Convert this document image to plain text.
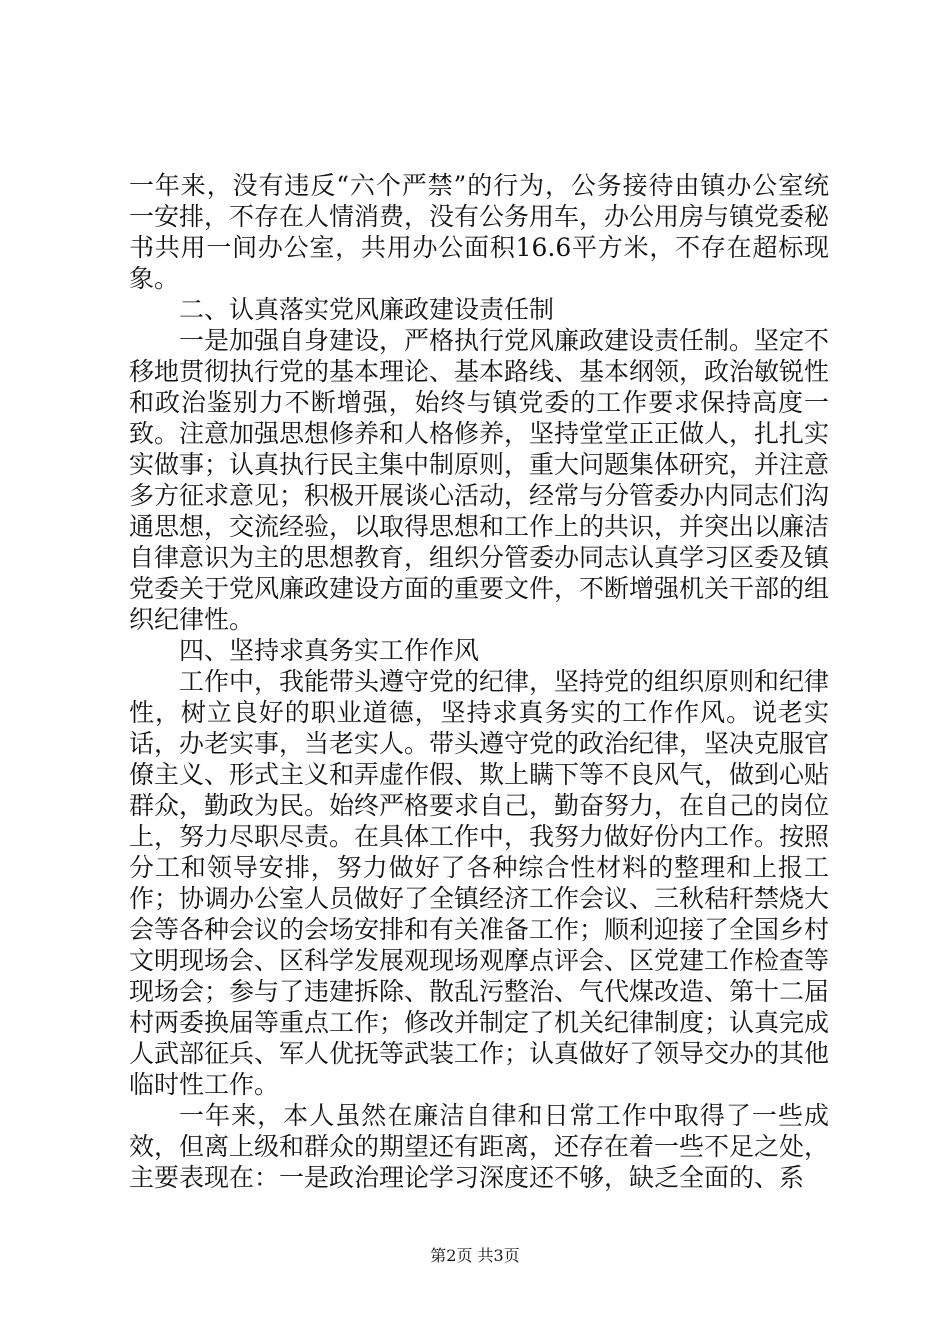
一年来，没有违反“六个严禁”的行为，公务接待由镇办公室统一安排，不存在人情消费，没有公务用车，办公用房与镇党委秘书共用一间办公室，共用办公面积16.6平方米，不存在超标现象。

二、认真落实党风廉政建设责任制

一是加强自身建设，严格执行党风廉政建设责任制。坚定不移地贯彻执行党的基本理论、基本路线、基本纲领，政治敏锐性和政治鉴别力不断增强，始终与镇党委的工作要求保持高度一致。注意加强思想修养和人格修养，坚持堂堂正正做人，扎扎实实做事；认真执行民主集中制原则，重大问题集体研究，并注意多方征求意见；积极开展谈心活动，经常与分管委办内同志们沟通思想，交流经验，以取得思想和工作上的共识，并突出以廉洁自律意识为主的思想教育，组织分管委办同志认真学习区委及镇党委关于党风廉政建设方面的重要文件，不断增强机关干部的组织纪律性。

四、坚持求真务实工作作风

工作中，我能带头遵守党的纪律，坚持党的组织原则和纪律性，树立良好的职业道德，坚持求真务实的工作作风。说老实话，办老实事，当老实人。带头遵守党的政治纪律，坚决克服官僚主义、形式主义和弄虚作假、欺上瞒下等不良风气，做到心贴群众，勤政为民。始终严格要求自己，勤奋努力，在自己的岗位上，努力尽职尽责。在具体工作中，我努力做好份内工作。按照分工和领导安排，努力做好了各种综合性材料的整理和上报工作；协调办公室人员做好了全镇经济工作会议、三秋秸秆禁烧大会等各种会议的会场安排和有关准备工作；顺利迎接了全国乡村文明现场会、区科学发展观现场观摩点评会、区党建工作检查等现场会；参与了违建拆除、散乱污整治、气代煤改造、第十二届村两委换届等重点工作；修改并制定了机关纪律制度；认真完成人武部征兵、军人优抚等武装工作；认真做好了领导交办的其他临时性工作。

一年来，本人虽然在廉洁自律和日常工作中取得了一些成效，但离上级和群众的期望还有距离，还存在着一些不足之处，主要表现在：一是政治理论学习深度还不够，缺乏全面的、系

第2页 共3页
